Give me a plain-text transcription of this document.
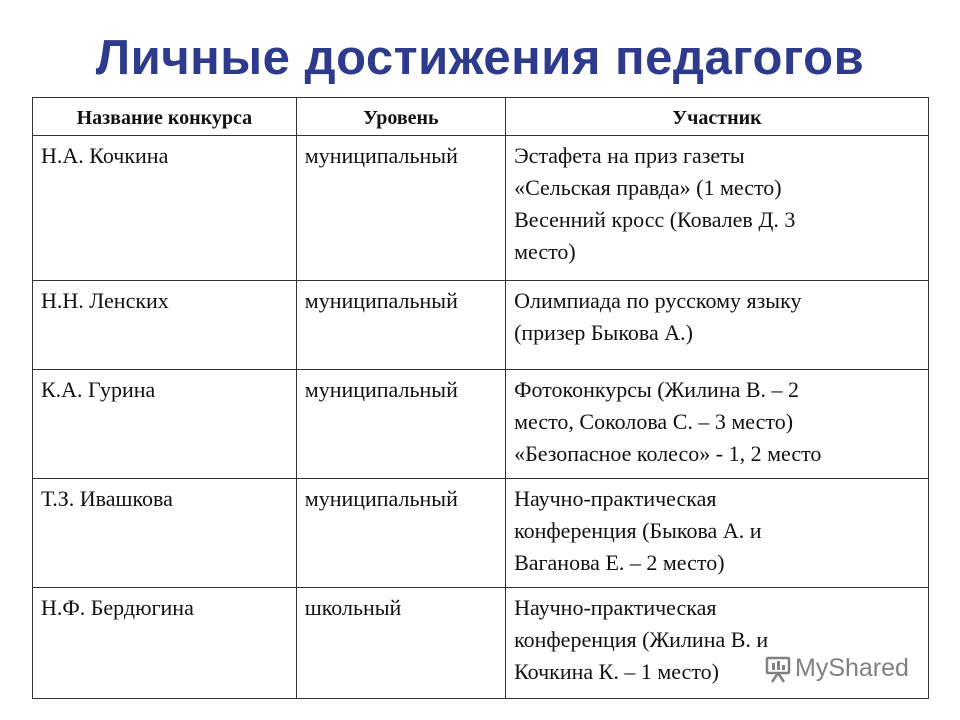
Личные достижения педагогов
Название конкурса	Уровень	Участник
Н.А. Кочкина	муниципальный	Эстафета на приз газеты
«Сельская правда» (1 место)
Весенний кросс (Ковалев Д. 3
место)

Н.Н. Ленских	муниципальный	Олимпиада по русскому языку
(призер Быкова А.)

К.А. Гурина	муниципальный	Фотоконкурсы (Жилина В. – 2
место, Соколова С. – 3 место)
«Безопасное колесо» - 1, 2 место

Т.З. Ивашкова	муниципальный	Научно-практическая
конференция (Быкова А. и
Ваганова Е. – 2 место)

Н.Ф. Бердюгина	школьный	Научно-практическая
конференция (Жилина В. и
Кочкина К. – 1 место)	MyShared
